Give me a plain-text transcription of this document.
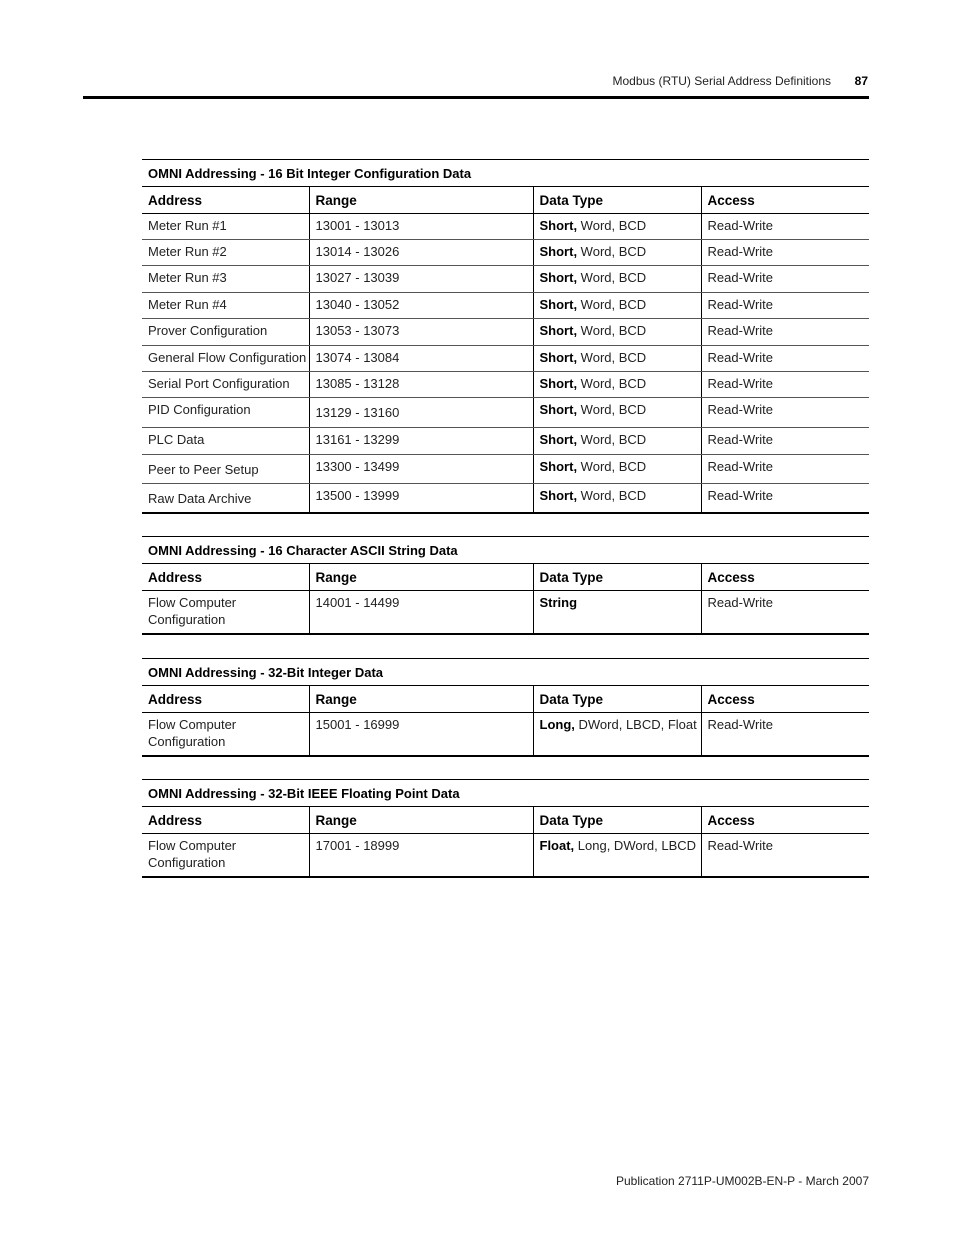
Modbus (RTU) Serial Address Definitions 87
OMNI Addressing - 16 Bit Integer Configuration Data			
Address	Range	Data Type	Access
Meter Run #1	13001 - 13013	Short, Word, BCD	Read-Write
Meter Run #2	13014 - 13026	Short, Word, BCD	Read-Write
Meter Run #3	13027 - 13039	Short, Word, BCD	Read-Write
Meter Run #4	13040 - 13052	Short, Word, BCD	Read-Write
Prover Configuration	13053 - 13073	Short, Word, BCD	Read-Write
General Flow Configuration	13074 - 13084	Short, Word, BCD	Read-Write
Serial Port Configuration	13085 - 13128	Short, Word, BCD	Read-Write
PID Configuration	13129 - 13160	Short, Word, BCD	Read-Write
PLC Data	13161 - 13299	Short, Word, BCD	Read-Write
Peer to Peer Setup	13300 - 13499	Short, Word, BCD	Read-Write
Raw Data Archive	13500 - 13999	Short, Word, BCD	Read-Write
OMNI Addressing - 16 Character ASCII String Data			
Address	Range	Data Type	Access

Flow Computer
Configuration	14001 - 14499	String	Read-Write
OMNI Addressing - 32-Bit Integer Data			
Address	Range	Data Type	Access

Flow Computer
Configuration	15001 - 16999	Long, DWord, LBCD, Float	Read-Write
OMNI Addressing - 32-Bit IEEE Floating Point Data			
Address	Range	Data Type	Access

Flow Computer
Configuration	17001 - 18999	Float, Long, DWord, LBCD	Read-Write
Publication 2711P-UM002B-EN-P - March 2007
